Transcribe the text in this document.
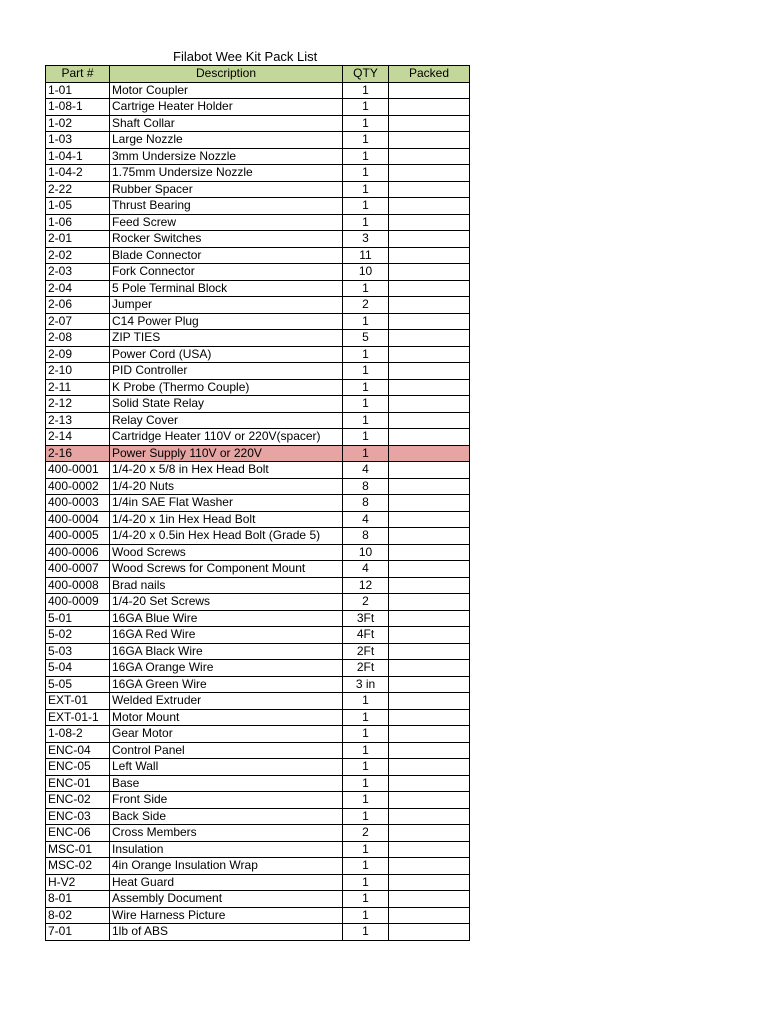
Filabot Wee Kit Pack List
Part #	Description	QTY	Packed
1-01	Motor Coupler	1	
1-08-1	Cartrige Heater Holder	1	
1-02	Shaft Collar	1	
1-03	Large Nozzle	1	
1-04-1	3mm Undersize Nozzle	1	
1-04-2	1.75mm Undersize Nozzle	1	
2-22	Rubber Spacer	1	
1-05	Thrust Bearing	1	
1-06	Feed Screw	1	
2-01	Rocker Switches	3	
2-02	Blade Connector	11	
2-03	Fork Connector	10	
2-04	5 Pole Terminal Block	1	
2-06	Jumper	2	
2-07	C14 Power Plug	1	
2-08	ZIP TIES	5	
2-09	Power Cord (USA)	1	
2-10	PID Controller	1	
2-11	K Probe (Thermo Couple)	1	
2-12	Solid State Relay	1	
2-13	Relay Cover	1	
2-14	Cartridge Heater 110V or 220V(spacer)	1	
2-16	Power Supply 110V or 220V	1	
400-0001	1/4-20 x 5/8 in Hex Head Bolt	4	
400-0002	1/4-20 Nuts	8	
400-0003	1/4in SAE Flat Washer	8	
400-0004	1/4-20 x 1in Hex Head Bolt	4	
400-0005	1/4-20 x 0.5in Hex Head Bolt (Grade 5)	8	
400-0006	Wood Screws	10	
400-0007	Wood Screws for Component Mount	4	
400-0008	Brad nails	12	
400-0009	1/4-20 Set Screws	2	
5-01	16GA Blue Wire	3Ft	
5-02	16GA Red Wire	4Ft	
5-03	16GA Black Wire	2Ft	
5-04	16GA Orange Wire	2Ft	
5-05	16GA Green Wire	3 in	
EXT-01	Welded Extruder	1	
EXT-01-1	Motor Mount	1	
1-08-2	Gear Motor	1	
ENC-04	Control Panel	1	
ENC-05	Left Wall	1	
ENC-01	Base	1	
ENC-02	Front Side	1	
ENC-03	Back Side	1	
ENC-06	Cross Members	2	
MSC-01	Insulation	1	
MSC-02	4in Orange Insulation Wrap	1	
H-V2	Heat Guard	1	
8-01	Assembly Document	1	
8-02	Wire Harness Picture	1	
7-01	1lb of ABS	1	
